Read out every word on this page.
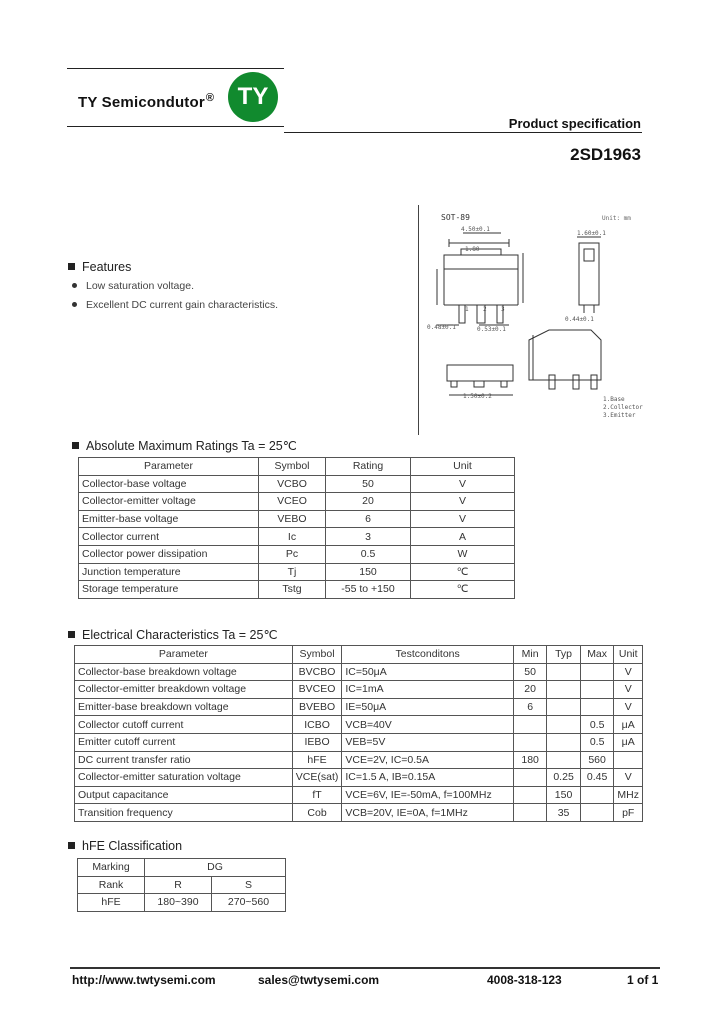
TY Semicondutor® TY
Product specification
2SD1963
Features
Low saturation voltage.
Excellent DC current gain characteristics.
SOT-89	Unit: mm
4.50±0.1
1.80
1 2 3
0.48±0.1	0.53±0.1
1.60±0.1
0.44±0.1
1.50±0.2	1.Base
2.Collector
3.Emitter
Absolute Maximum Ratings Ta = 25℃
Parameter	Symbol	Rating	Unit
Collector-base voltage	VCBO	50	V
Collector-emitter voltage	VCEO	20	V
Emitter-base voltage	VEBO	6	V
Collector current	Ic	3	A
Collector power dissipation	Pc	0.5	W
Junction temperature	Tj	150	℃
Storage temperature	Tstg	-55 to +150	℃
Electrical Characteristics Ta = 25℃
Parameter	Symbol	Testconditons	Min	Typ	Max	Unit
Collector-base breakdown voltage	BVCBO	IC=50μA	50			V
Collector-emitter breakdown voltage	BVCEO	IC=1mA	20			V
Emitter-base breakdown voltage	BVEBO	IE=50μA	6			V
Collector cutoff current	ICBO	VCB=40V			0.5	μA
Emitter cutoff current	IEBO	VEB=5V			0.5	μA
DC current transfer ratio	hFE	VCE=2V, IC=0.5A	180		560	
Collector-emitter saturation voltage	VCE(sat)	IC=1.5 A, IB=0.15A		0.25	0.45	V
Output capacitance	fT	VCE=6V, IE=-50mA, f=100MHz		150		MHz
Transition frequency	Cob	VCB=20V, IE=0A, f=1MHz		35		pF
hFE Classification
Marking	DG	
Rank	R	S
hFE	180~390	270~560
http://www.twtysemi.com	sales@twtysemi.com	4008-318-123	1 of 1
